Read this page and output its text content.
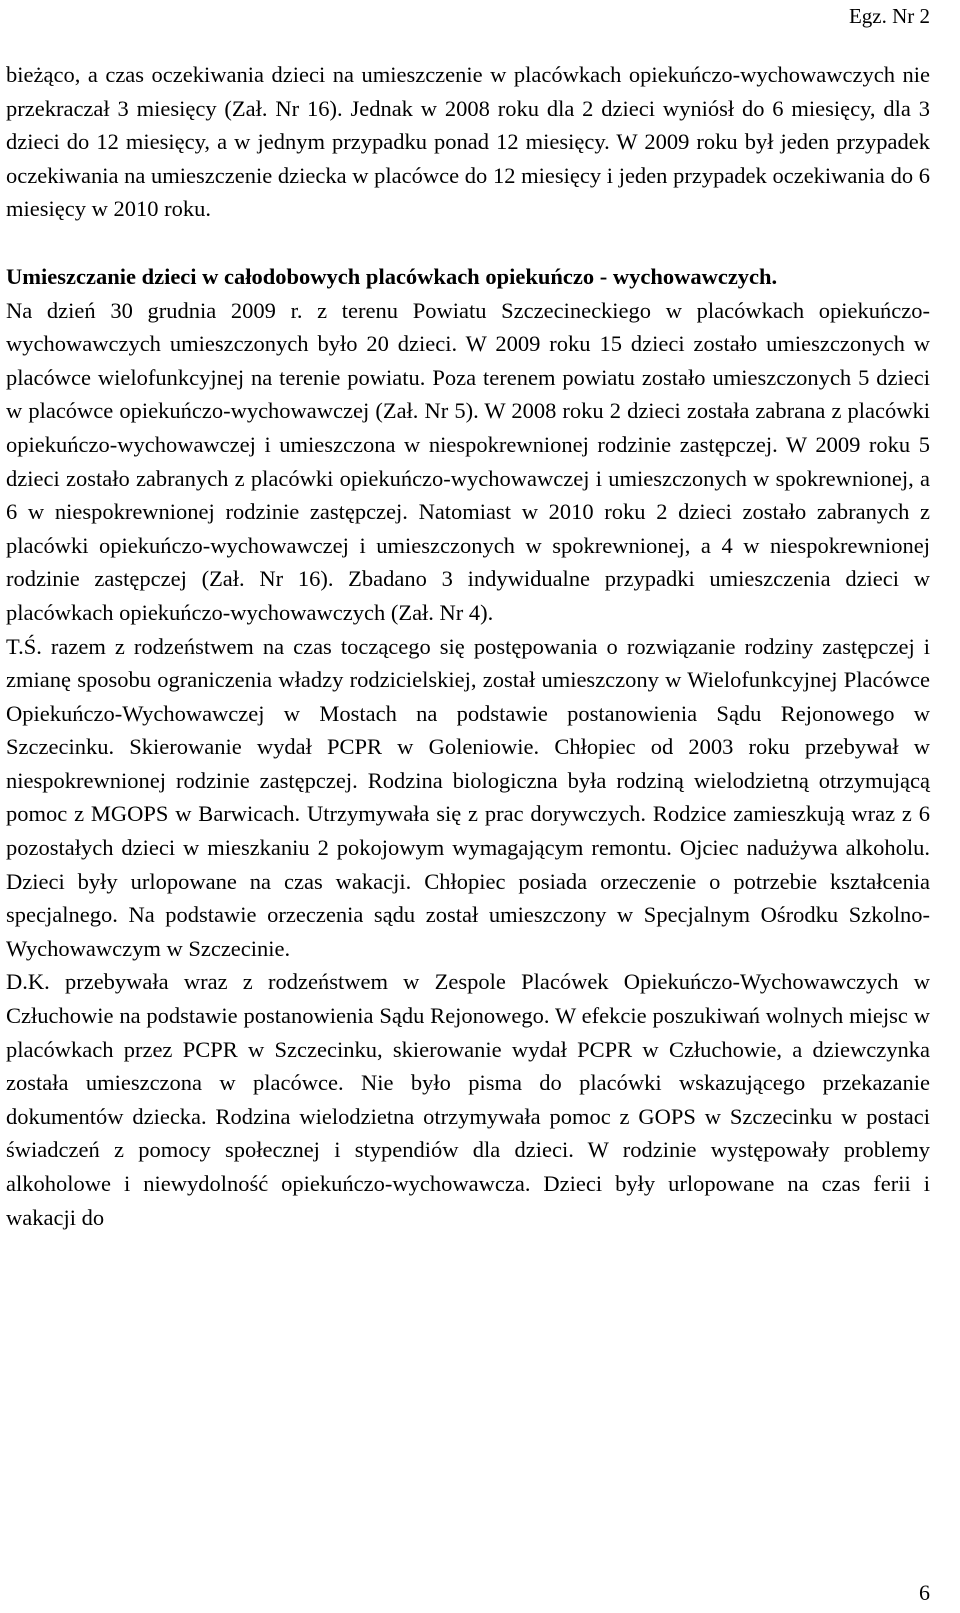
Egz. Nr 2

bieżąco, a czas oczekiwania dzieci na umieszczenie w placówkach opiekuńczo-wychowawczych nie przekraczał 3 miesięcy (Zał. Nr 16). Jednak w 2008 roku dla 2 dzieci wyniósł do 6 miesięcy, dla 3 dzieci do 12 miesięcy, a w jednym przypadku ponad 12 miesięcy. W 2009 roku był jeden przypadek oczekiwania na umieszczenie dziecka w placówce do 12 miesięcy i jeden przypadek oczekiwania do 6 miesięcy w 2010 roku.

Umieszczanie dzieci w całodobowych placówkach opiekuńczo - wychowawczych.

Na dzień 30 grudnia 2009 r. z terenu Powiatu Szczecineckiego w placówkach opiekuńczo-wychowawczych umieszczonych było 20 dzieci. W 2009 roku 15 dzieci zostało umieszczonych w placówce wielofunkcyjnej na terenie powiatu. Poza terenem powiatu zostało umieszczonych 5 dzieci w placówce opiekuńczo-wychowawczej (Zał. Nr 5). W 2008 roku 2 dzieci została zabrana z placówki opiekuńczo-wychowawczej i umieszczona w niespokrewnionej rodzinie zastępczej. W 2009 roku 5 dzieci zostało zabranych z placówki opiekuńczo-wychowawczej i umieszczonych w spokrewnionej, a 6 w niespokrewnionej rodzinie zastępczej. Natomiast w 2010 roku 2 dzieci zostało zabranych z placówki opiekuńczo-wychowawczej i umieszczonych w spokrewnionej, a 4 w niespokrewnionej rodzinie zastępczej (Zał. Nr 16). Zbadano 3 indywidualne przypadki umieszczenia dzieci w placówkach opiekuńczo-wychowawczych (Zał. Nr 4).

T.Ś. razem z rodzeństwem na czas toczącego się postępowania o rozwiązanie rodziny zastępczej i zmianę sposobu ograniczenia władzy rodzicielskiej, został umieszczony w Wielofunkcyjnej Placówce Opiekuńczo-Wychowawczej w Mostach na podstawie postanowienia Sądu Rejonowego w Szczecinku. Skierowanie wydał PCPR w Goleniowie. Chłopiec od 2003 roku przebywał w niespokrewnionej rodzinie zastępczej. Rodzina biologiczna była rodziną wielodzietną otrzymującą pomoc z MGOPS w Barwicach. Utrzymywała się z prac dorywczych. Rodzice zamieszkują wraz z 6 pozostałych dzieci w mieszkaniu 2 pokojowym wymagającym remontu. Ojciec nadużywa alkoholu. Dzieci były urlopowane na czas wakacji. Chłopiec posiada orzeczenie o potrzebie kształcenia specjalnego. Na podstawie orzeczenia sądu został umieszczony w Specjalnym Ośrodku Szkolno-Wychowawczym w Szczecinie.

D.K. przebywała wraz z rodzeństwem w Zespole Placówek Opiekuńczo-Wychowawczych w Człuchowie na podstawie postanowienia Sądu Rejonowego. W efekcie poszukiwań wolnych miejsc w placówkach przez PCPR w Szczecinku, skierowanie wydał PCPR w Człuchowie, a dziewczynka została umieszczona w placówce. Nie było pisma do placówki wskazującego przekazanie dokumentów dziecka. Rodzina wielodzietna otrzymywała pomoc z GOPS w Szczecinku w postaci świadczeń z pomocy społecznej i stypendiów dla dzieci. W rodzinie występowały problemy alkoholowe i niewydolność opiekuńczo-wychowawcza. Dzieci były urlopowane na czas ferii i wakacji do

6
